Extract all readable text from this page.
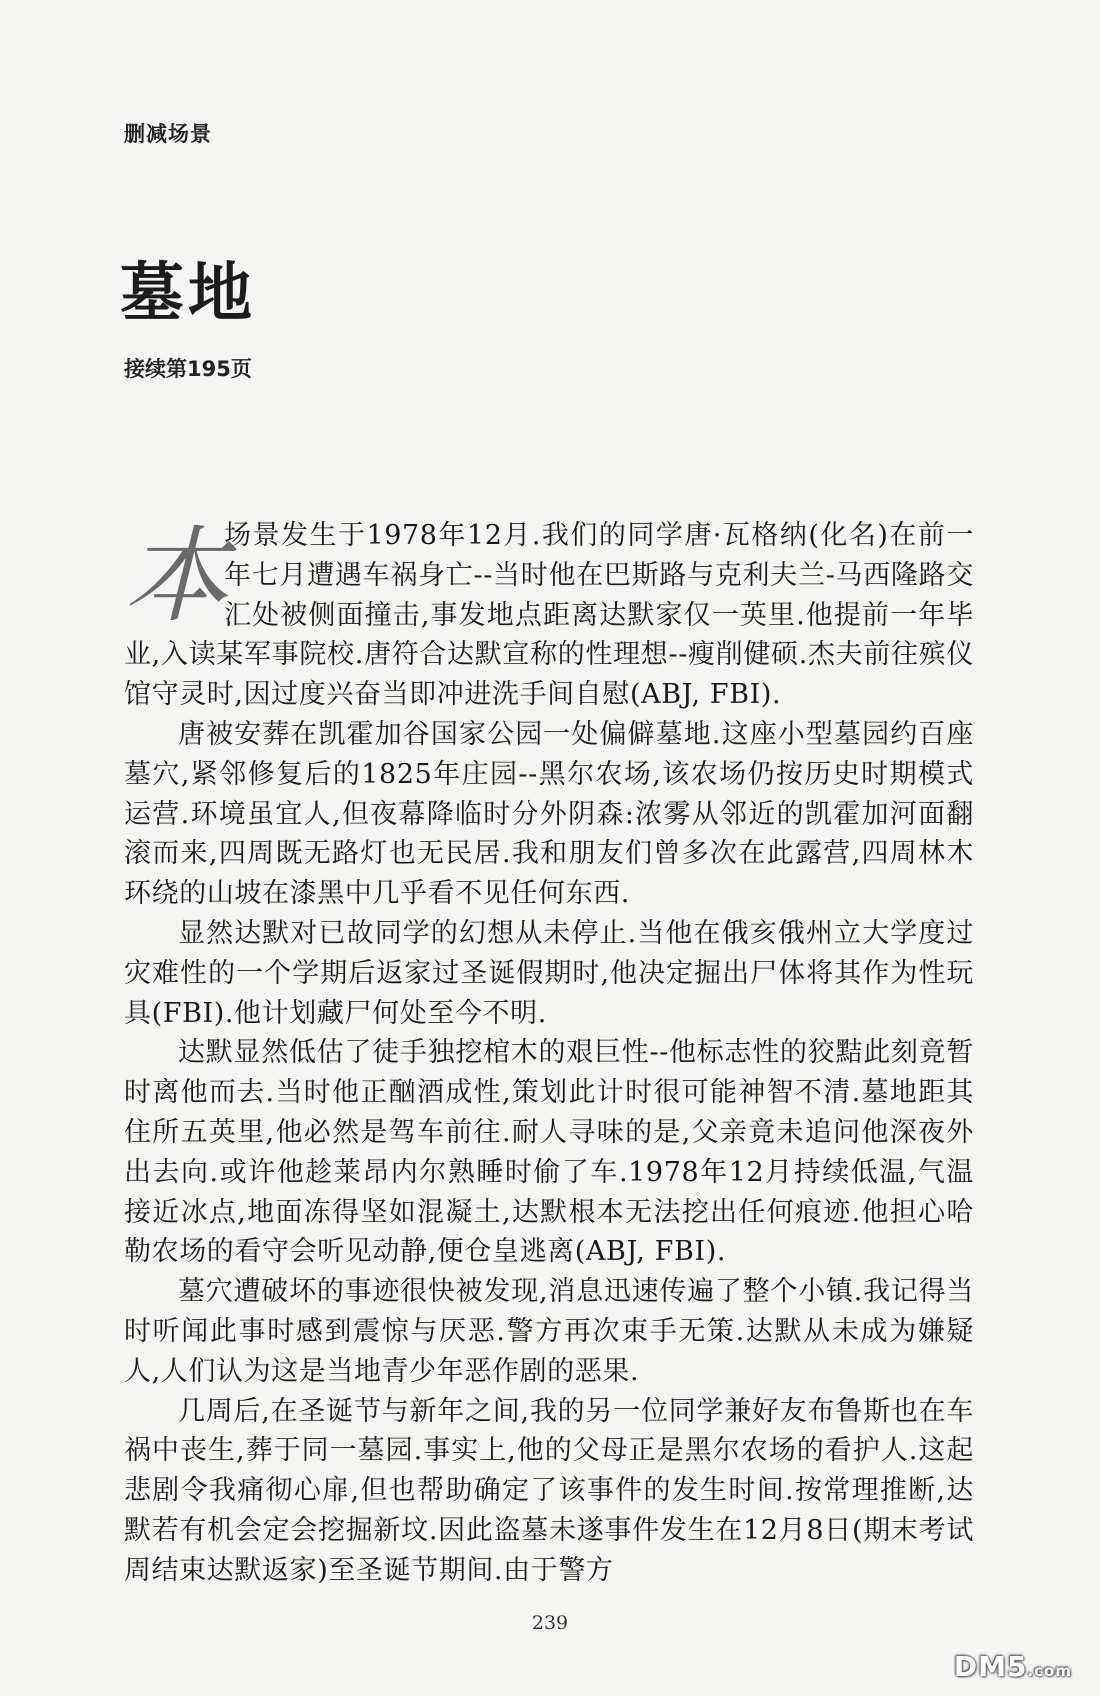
删减场景
墓地
接续第195页

本
场景发生于1978年12月.我们的同学唐·瓦格纳(化名)在前一年七月遭遇车祸身亡--当时他在巴斯路与克利夫兰-马西隆路交汇处被侧面撞击,事发地点距离达默家仅一英里.他提前一年毕业,入读某军事院校.唐符合达默宣称的性理想--瘦削健硕.杰夫前往殡仪馆守灵时,因过度兴奋当即冲进洗手间自慰(ABJ, FBI).

唐被安葬在凯霍加谷国家公园一处偏僻墓地.这座小型墓园约百座墓穴,紧邻修复后的1825年庄园--黑尔农场,该农场仍按历史时期模式运营.环境虽宜人,但夜幕降临时分外阴森:浓雾从邻近的凯霍加河面翻滚而来,四周既无路灯也无民居.我和朋友们曾多次在此露营,四周林木环绕的山坡在漆黑中几乎看不见任何东西.

显然达默对已故同学的幻想从未停止.当他在俄亥俄州立大学度过灾难性的一个学期后返家过圣诞假期时,他决定掘出尸体将其作为性玩具(FBI).他计划藏尸何处至今不明.

达默显然低估了徒手独挖棺木的艰巨性--他标志性的狡黠此刻竟暂时离他而去.当时他正酗酒成性,策划此计时很可能神智不清.墓地距其住所五英里,他必然是驾车前往.耐人寻味的是,父亲竟未追问他深夜外出去向.或许他趁莱昂内尔熟睡时偷了车.1978年12月持续低温,气温接近冰点,地面冻得坚如混凝土,达默根本无法挖出任何痕迹.他担心哈勒农场的看守会听见动静,便仓皇逃离(ABJ, FBI).

墓穴遭破坏的事迹很快被发现,消息迅速传遍了整个小镇.我记得当时听闻此事时感到震惊与厌恶.警方再次束手无策.达默从未成为嫌疑人,人们认为这是当地青少年恶作剧的恶果.

几周后,在圣诞节与新年之间,我的另一位同学兼好友布鲁斯也在车祸中丧生,葬于同一墓园.事实上,他的父母正是黑尔农场的看护人.这起悲剧令我痛彻心扉,但也帮助确定了该事件的发生时间.按常理推断,达默若有机会定会挖掘新坟.因此盗墓未遂事件发生在12月8日(期末考试周结束达默返家)至圣诞节期间.由于警方

239
DM5.com
